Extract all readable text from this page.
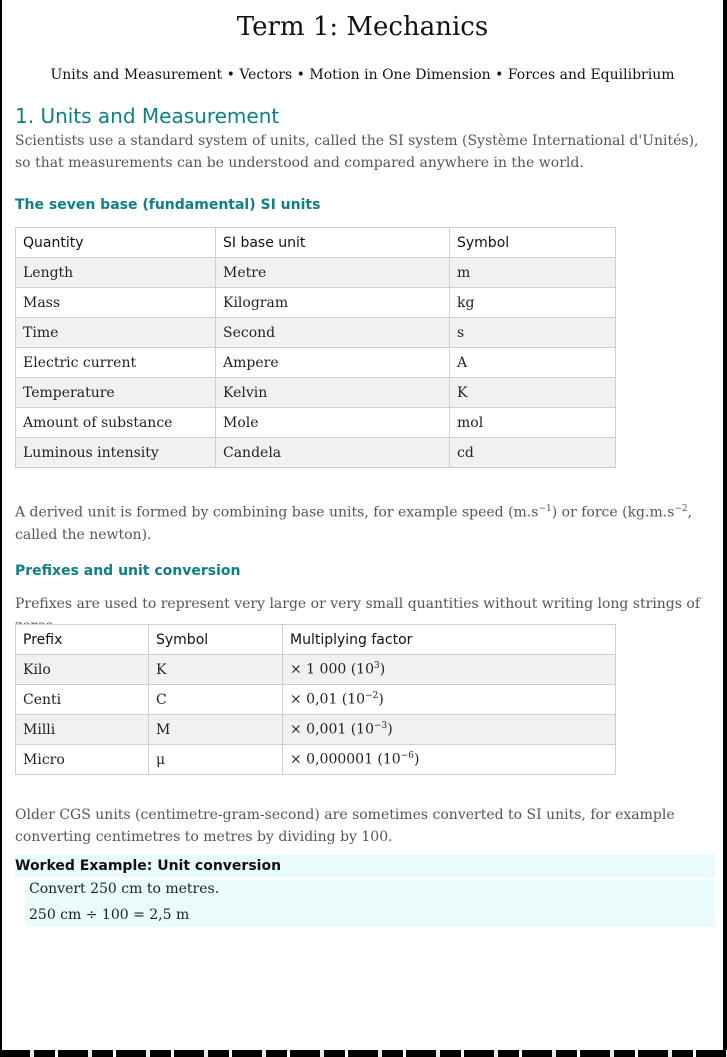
Term 1: Mechanics
Units and Measurement • Vectors • Motion in One Dimension • Forces and Equilibrium
1. Units and Measurement
Scientists use a standard system of units, called the SI system (Système International d'Unités), so that measurements can be understood and compared anywhere in the world.
The seven base (fundamental) SI units
Quantity	SI base unit	Symbol
Length	Metre	m
Mass	Kilogram	kg
Time	Second	s
Electric current	Ampere	A
Temperature	Kelvin	K
Amount of substance	Mole	mol
Luminous intensity	Candela	cd
A derived unit is formed by combining base units, for example speed $(m.s^{-1})$ or force ($kg.m.s^{-2}$, called the newton).
Prefixes and unit conversion
Prefixes are used to represent very large or very small quantities without writing long strings of
Prefix	Symbol	Multiplying factor
Kilo	K	× 1 000 $(10^3)$
Centi	C	× 0,01 $(10^{-2})$
Milli	M	× 0,001 $(10^{-3})$
Micro	μ	× 0,000001 $(10^{-6})$
Older CGS units (centimetre-gram-second) are sometimes converted to SI units, for example converting centimetres to metres by dividing by 100.
Worked Example: Unit conversion
Convert 250 cm to metres.
250 cm ÷ 100 = 2,5 m
